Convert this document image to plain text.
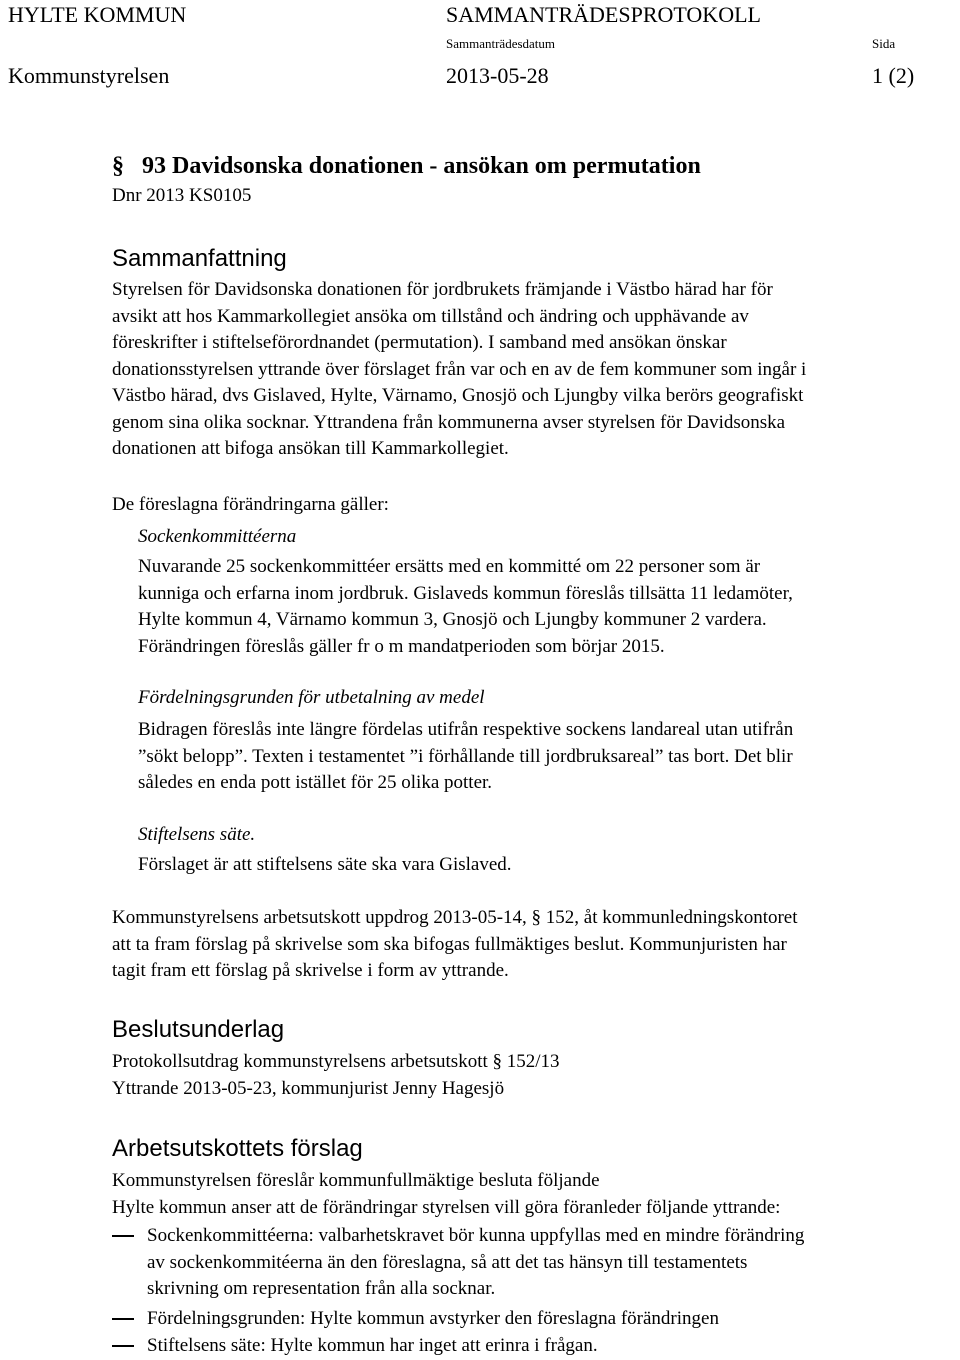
HYLTE KOMMUN	SAMMANTRÄDESPROTOKOLL
Sammanträdesdatum	Sida
Kommunstyrelsen	2013-05-28	1 (2)
§ 93 Davidsonska donationen - ansökan om permutation
Dnr 2013 KS0105
Sammanfattning
Styrelsen för Davidsonska donationen för jordbrukets främjande i Västbo härad har för
avsikt att hos Kammarkollegiet ansöka om tillstånd och ändring och upphävande av
föreskrifter i stiftelseförordnandet (permutation). I samband med ansökan önskar
donationsstyrelsen yttrande över förslaget från var och en av de fem kommuner som ingår i
Västbo härad, dvs Gislaved, Hylte, Värnamo, Gnosjö och Ljungby vilka berörs geografiskt
genom sina olika socknar. Yttrandena från kommunerna avser styrelsen för Davidsonska
donationen att bifoga ansökan till Kammarkollegiet.
De föreslagna förändringarna gäller:
Sockenkommittéerna
Nuvarande 25 sockenkommittéer ersätts med en kommitté om 22 personer som är
kunniga och erfarna inom jordbruk. Gislaveds kommun föreslås tillsätta 11 ledamöter,
Hylte kommun 4, Värnamo kommun 3, Gnosjö och Ljungby kommuner 2 vardera.
Förändringen föreslås gäller fr o m mandatperioden som börjar 2015.
Fördelningsgrunden för utbetalning av medel
Bidragen föreslås inte längre fördelas utifrån respektive sockens landareal utan utifrån
”sökt belopp”. Texten i testamentet ”i förhållande till jordbruksareal” tas bort. Det blir
således en enda pott istället för 25 olika potter.
Stiftelsens säte.
Förslaget är att stiftelsens säte ska vara Gislaved.
Kommunstyrelsens arbetsutskott uppdrog 2013-05-14, § 152, åt kommunledningskontoret
att ta fram förslag på skrivelse som ska bifogas fullmäktiges beslut. Kommunjuristen har
tagit fram ett förslag på skrivelse i form av yttrande.
Beslutsunderlag
Protokollsutdrag kommunstyrelsens arbetsutskott § 152/13
Yttrande 2013-05-23, kommunjurist Jenny Hagesjö
Arbetsutskottets förslag
Kommunstyrelsen föreslår kommunfullmäktige besluta följande
Hylte kommun anser att de förändringar styrelsen vill göra föranleder följande yttrande:
Sockenkommittéerna: valbarhetskravet bör kunna uppfyllas med en mindre förändring
av sockenkommitéerna än den föreslagna, så att det tas hänsyn till testamentets
skrivning om representation från alla socknar.
Fördelningsgrunden: Hylte kommun avstyrker den föreslagna förändringen
Stiftelsens säte: Hylte kommun har inget att erinra i frågan.
